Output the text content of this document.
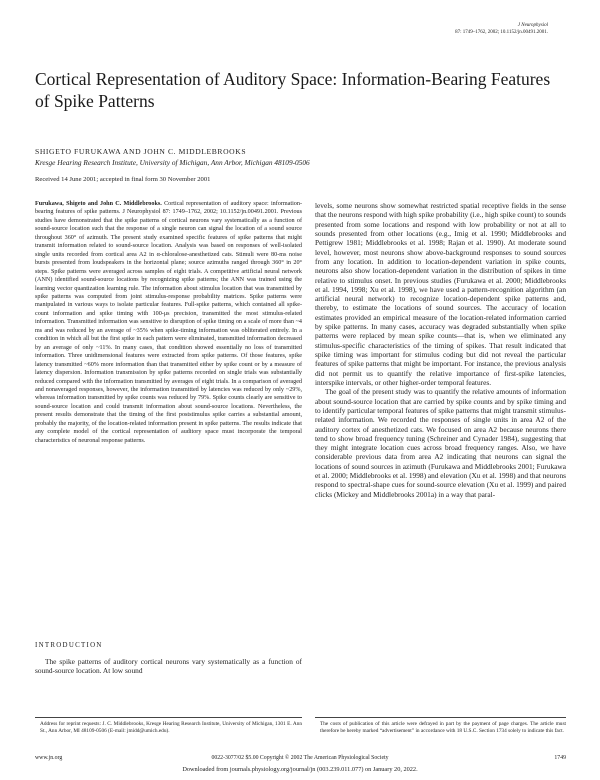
J Neurophysiol
87: 1749–1762, 2002; 10.1152/jn.00491.2001.
Cortical Representation of Auditory Space: Information-Bearing Features of Spike Patterns
SHIGETO FURUKAWA AND JOHN C. MIDDLEBROOKS
Kresge Hearing Research Institute, University of Michigan, Ann Arbor, Michigan 48109-0506
Received 14 June 2001; accepted in final form 30 November 2001
Furukawa, Shigeto and John C. Middlebrooks. Cortical representation of auditory space: information-bearing features of spike patterns. J Neurophysiol 87: 1749–1762, 2002; 10.1152/jn.00491.2001. Previous studies have demonstrated that the spike patterns of cortical neurons vary systematically as a function of sound-source location such that the response of a single neuron can signal the location of a sound source throughout 360° of azimuth. The present study examined specific features of spike patterns that might transmit information related to sound-source location. Analysis was based on responses of well-isolated single units recorded from cortical area A2 in α-chloralose-anesthetized cats. Stimuli were 80-ms noise bursts presented from loudspeakers in the horizontal plane; source azimuths ranged through 360° in 20° steps. Spike patterns were averaged across samples of eight trials. A competitive artificial neural network (ANN) identified sound-source locations by recognizing spike patterns; the ANN was trained using the learning vector quantization learning rule. The information about stimulus location that was transmitted by spike patterns was computed from joint stimulus-response probability matrices. Spike patterns were manipulated in various ways to isolate particular features. Full-spike patterns, which contained all spike-count information and spike timing with 100-μs precision, transmitted the most stimulus-related information. Transmitted information was sensitive to disruption of spike timing on a scale of more than ~4 ms and was reduced by an average of ~35% when spike-timing information was obliterated entirely. In a condition in which all but the first spike in each pattern were eliminated, transmitted information decreased by an average of only ~11%. In many cases, that condition showed essentially no loss of transmitted information. Three unidimensional features were extracted from spike patterns. Of those features, spike latency transmitted ~60% more information than that transmitted either by spike count or by a measure of latency dispersion. Information transmission by spike patterns recorded on single trials was substantially reduced compared with the information transmitted by averages of eight trials. In a comparison of averaged and nonaveraged responses, however, the information transmitted by latencies was reduced by only ~29%, whereas information transmitted by spike counts was reduced by 79%. Spike counts clearly are sensitive to sound-source location and could transmit information about sound-source locations. Nevertheless, the present results demonstrate that the timing of the first poststimulus spike carries a substantial amount, probably the majority, of the location-related information present in spike patterns. The results indicate that any complete model of the cortical representation of auditory space must incorporate the temporal characteristics of neuronal response patterns.
INTRODUCTION
The spike patterns of auditory cortical neurons vary systematically as a function of sound-source location. At low sound

levels, some neurons show somewhat restricted spatial receptive fields in the sense that the neurons respond with high spike probability (i.e., high spike count) to sounds presented from some locations and respond with low probability or not at all to sounds presented from other locations (e.g., Imig et al. 1990; Middlebrooks and Pettigrew 1981; Middlebrooks et al. 1998; Rajan et al. 1990). At moderate sound level, however, most neurons show above-background responses to sound sources from any location. In addition to location-dependent variation in spike counts, neurons also show location-dependent variation in the distribution of spikes in time relative to stimulus onset. In previous studies (Furukawa et al. 2000; Middlebrooks et al. 1994, 1998; Xu et al. 1998), we have used a pattern-recognition algorithm (an artificial neural network) to recognize location-dependent spike patterns and, thereby, to estimate the locations of sound sources. The accuracy of location estimates provided an empirical measure of the location-related information carried by spike patterns. In many cases, accuracy was degraded substantially when spike patterns were replaced by mean spike counts—that is, when we eliminated any stimulus-specific characteristics of the timing of spikes. That result indicated that spike timing was important for stimulus coding but did not reveal the particular features of spike patterns that might be important. For instance, the previous analysis did not permit us to quantify the relative importance of first-spike latencies, interspike intervals, or other higher-order temporal features.

The goal of the present study was to quantify the relative amounts of information about sound-source location that are carried by spike counts and by spike timing and to identify particular temporal features of spike patterns that might transmit stimulus-related information. We recorded the responses of single units in area A2 of the auditory cortex of anesthetized cats. We focused on area A2 because neurons there tend to show broad frequency tuning (Schreiner and Cynader 1984), suggesting that they might integrate location cues across broad frequency ranges. Also, we have considerable previous data from area A2 indicating that neurons can signal the locations of sound sources in azimuth (Furukawa and Middlebrooks 2001; Furukawa et al. 2000; Middlebrooks et al. 1998) and elevation (Xu et al. 1998) and that neurons respond to spectral-shape cues for sound-source elevation (Xu et al. 1999) and paired clicks (Mickey and Middlebrooks 2001a) in a way that paral-

Address for reprint requests: J. C. Middlebrooks, Kresge Hearing Research Institute, University of Michigan, 1301 E. Ann St., Ann Arbor, MI 48109-0506 (E-mail: jmidd@umich.edu).
The costs of publication of this article were defrayed in part by the payment of page charges. The article must therefore be hereby marked “advertisement” in accordance with 18 U.S.C. Section 1734 solely to indicate this fact.
www.jn.org	0022-3077/02 $5.00 Copyright © 2002 The American Physiological Society	1749
Downloaded from journals.physiology.org/journal/jn (003.239.011.077) on January 20, 2022.
